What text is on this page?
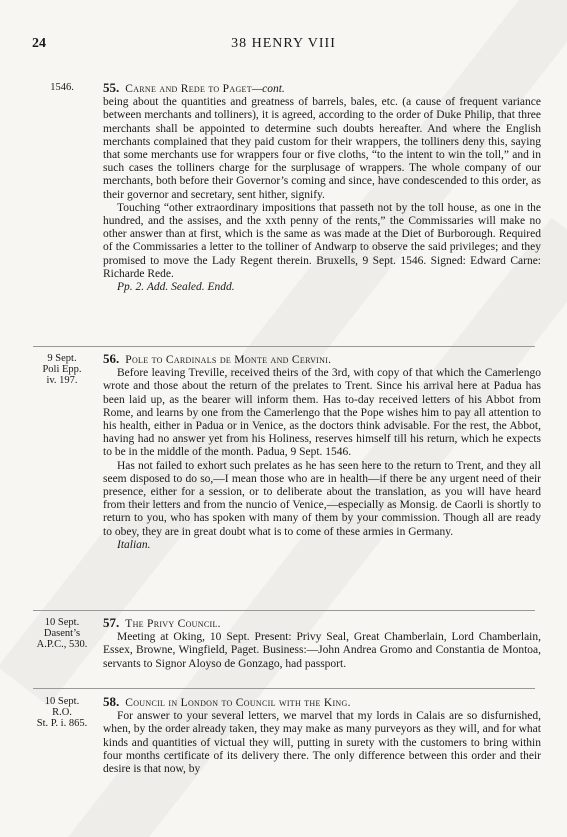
24	38 HENRY VIII
1546.	55. Carne and Rede to Paget—cont.

being about the quantities and greatness of barrels, bales, etc. (a cause of frequent variance between merchants and tolliners), it is agreed, according to the order of Duke Philip, that three merchants shall be appointed to determine such doubts hereafter. And where the English merchants complained that they paid custom for their wrappers, the tolliners deny this, saying that some merchants use for wrappers four or five cloths, “to the intent to win the toll,” and in such cases the tolliners charge for the surplusage of wrappers. The whole company of our merchants, both before their Governor’s coming and since, have condescended to this order, as their governor and secretary, sent hither, signify.

Touching “other extraordinary impositions that passeth not by the toll house, as one in the hundred, and the assises, and the xxth penny of the rents,” the Commissaries will make no other answer than at first, which is the same as was made at the Diet of Burborough. Required of the Commissaries a letter to the tolliner of Andwarp to observe the said privileges; and they promised to move the Lady Regent therein. Bruxells, 9 Sept. 1546. Signed: Edward Carne: Richarde Rede.

Pp. 2. Add. Sealed. Endd.

9 Sept.
Poli Epp.
iv. 197.
56. Pole to Cardinals de Monte and Cervini.

Before leaving Treville, received theirs of the 3rd, with copy of that which the Camerlengo wrote and those about the return of the prelates to Trent. Since his arrival here at Padua has been laid up, as the bearer will inform them. Has to-day received letters of his Abbot from Rome, and learns by one from the Camerlengo that the Pope wishes him to pay all attention to his health, either in Padua or in Venice, as the doctors think advisable. For the rest, the Abbot, having had no answer yet from his Holiness, reserves himself till his return, which he expects to be in the middle of the month. Padua, 9 Sept. 1546.

Has not failed to exhort such prelates as he has seen here to the return to Trent, and they all seem disposed to do so,—I mean those who are in health—if there be any urgent need of their presence, either for a session, or to deliberate about the translation, as you will have heard from their letters and from the nuncio of Venice,—especially as Monsig. de Caorli is shortly to return to you, who has spoken with many of them by your commission. Though all are ready to obey, they are in great doubt what is to come of these armies in Germany.

Italian.

10 Sept.
Dasent’s
A.P.C., 530.
57. The Privy Council.

Meeting at Oking, 10 Sept. Present: Privy Seal, Great Chamberlain, Lord Chamberlain, Essex, Browne, Wingfield, Paget. Business:—John Andrea Gromo and Constantia de Montoa, servants to Signor Aloyso de Gonzago, had passport.

10 Sept.
R.O.
St. P. i. 865.
58. Council in London to Council with the King.

For answer to your several letters, we marvel that my lords in Calais are so disfurnished, when, by the order already taken, they may make as many purveyors as they will, and for what kinds and quantities of victual they will, putting in surety with the customers to bring within four months certificate of its delivery there. The only difference between this order and their desire is that now, by
